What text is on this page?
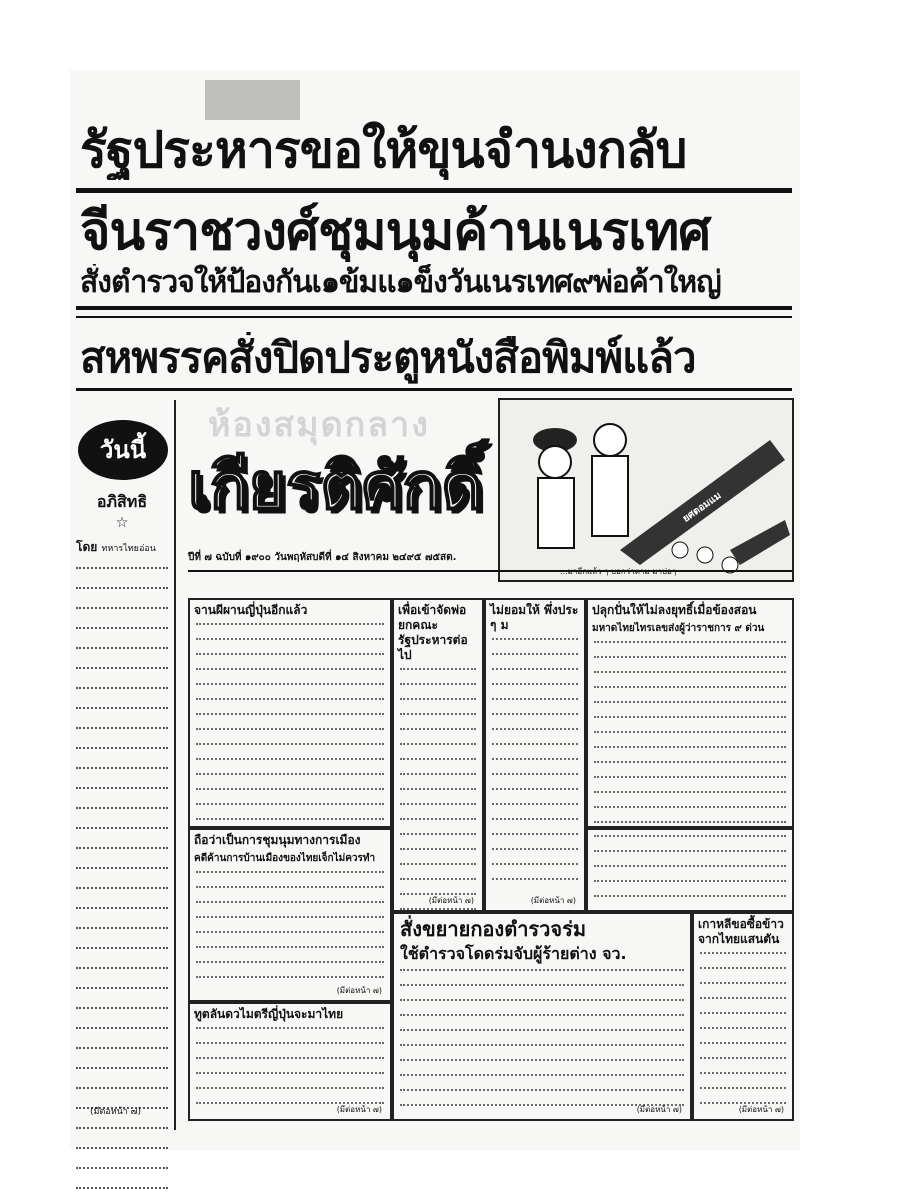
รัฐประหารขอให้ขุนจำนงกลับ
จีนราชวงศ์ชุมนุมค้านเนรเทศ
สั่งตำรวจให้ป้องกันเ๑ข้มแ๑ข็งวันเนรเทศ๙พ่อค้าใหญ่
สหพรรคสั่งปิดประตูหนังสือพิมพ์แล้ว
วันนี้
อภิสิทธิ
☆
โดย ทหารไทยอ่อน
(มีต่อหน้า ๗)
ห้องสมุดกลาง
เกียรติศักดิ์
ปีที่ ๗ ฉบับที่ ๑๙๐๐ วันพฤหัสบดีที่ ๑๔ สิงหาคม ๒๔๙๕ ๗๕สต.
ยศตอมแม
จานผีผานญี่ปุ่นอีกแล้ว	เพื่อเข้าจัดพ่อยกคณะรัฐประหารต่อไป
(มีต่อหน้า ๗)
ไม่ยอมให้ พึ่งประ ๆ ม
(มีต่อหน้า ๗)
ปลุกปั่นให้ไม่ลงยุทธิ์เมื่อข้องสอน
มหาดไทยไทรเลขส่งผู้ว่าราชการ ๙ ด่วน
ถือว่าเป็นการชุมนุมทางการเมือง
คดีค้านการบ้านเมืองของไทยเจ็กไม่ควรทำ
(มีต่อหน้า ๗)
สั่งขยายกองตำรวจร่ม
ใช้ตำรวจโดดร่มจับผู้ร้ายต่าง จว.
(มีต่อหน้า ๗)
เกาหลีขอซื้อข้าว จากไทยแสนตัน
(มีต่อหน้า ๗)
ทูตลันดวไมตรีญี่ปุ่นจะมาไทย
(มีต่อหน้า ๗)
